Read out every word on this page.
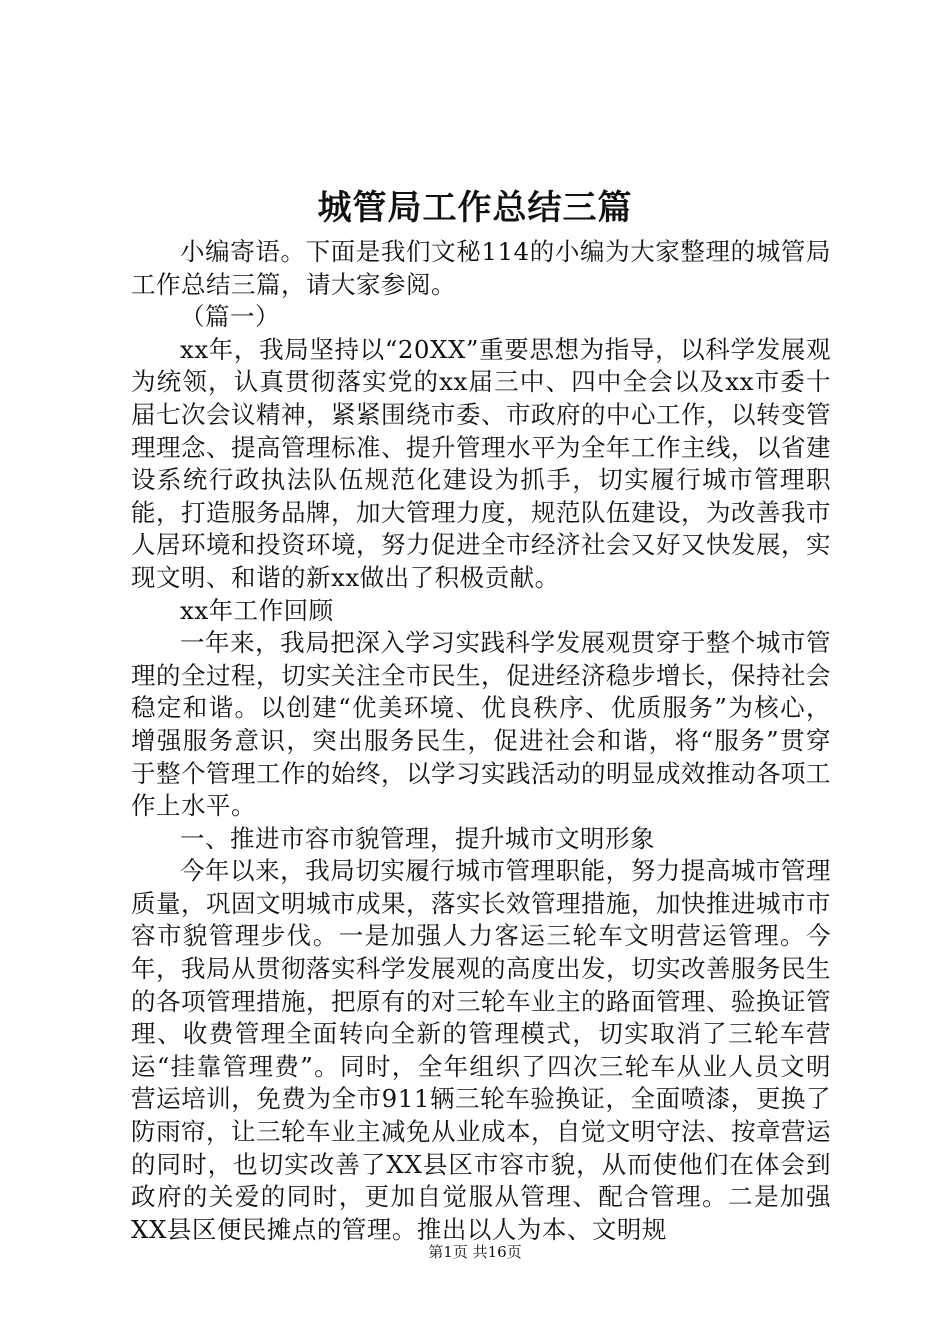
城管局工作总结三篇

小编寄语。下面是我们文秘114的小编为大家整理的城管局工作总结三篇，请大家参阅。

（篇一）

xx年，我局坚持以“20XX”重要思想为指导，以科学发展观为统领，认真贯彻落实党的xx届三中、四中全会以及xx市委十届七次会议精神，紧紧围绕市委、市政府的中心工作，以转变管理理念、提高管理标准、提升管理水平为全年工作主线，以省建设系统行政执法队伍规范化建设为抓手，切实履行城市管理职能，打造服务品牌，加大管理力度，规范队伍建设，为改善我市人居环境和投资环境，努力促进全市经济社会又好又快发展，实现文明、和谐的新xx做出了积极贡献。

xx年工作回顾

一年来，我局把深入学习实践科学发展观贯穿于整个城市管理的全过程，切实关注全市民生，促进经济稳步增长，保持社会稳定和谐。以创建“优美环境、优良秩序、优质服务”为核心，增强服务意识，突出服务民生，促进社会和谐，将“服务”贯穿于整个管理工作的始终，以学习实践活动的明显成效推动各项工作上水平。

一、推进市容市貌管理，提升城市文明形象

今年以来，我局切实履行城市管理职能，努力提高城市管理质量，巩固文明城市成果，落实长效管理措施，加快推进城市市容市貌管理步伐。一是加强人力客运三轮车文明营运管理。今年，我局从贯彻落实科学发展观的高度出发，切实改善服务民生的各项管理措施，把原有的对三轮车业主的路面管理、验换证管理、收费管理全面转向全新的管理模式，切实取消了三轮车营运“挂靠管理费”。同时，全年组织了四次三轮车从业人员文明营运培训，免费为全市911辆三轮车验换证，全面喷漆，更换了防雨帘，让三轮车业主减免从业成本，自觉文明守法、按章营运的同时，也切实改善了XX县区市容市貌，从而使他们在体会到政府的关爱的同时，更加自觉服从管理、配合管理。二是加强XX县区便民摊点的管理。推出以人为本、文明规

第1页 共16页
